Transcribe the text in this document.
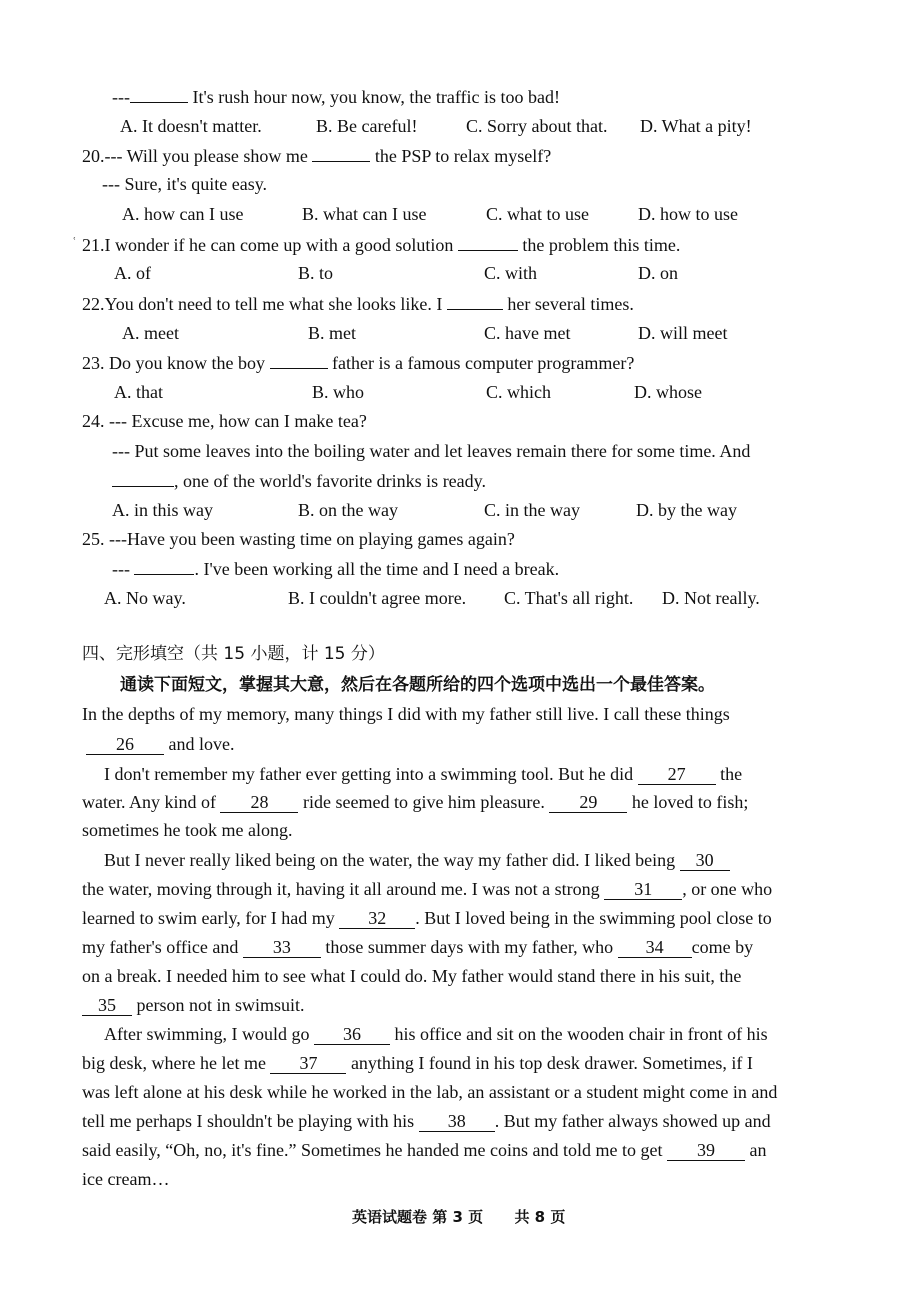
---	It's rush hour now, you know, the traffic is too bad!
A. It doesn't matter.	B. Be careful!	C. Sorry about that. D. What a pity!
20.--- Will you please show me	the PSP to relax myself?
--- Sure, it's quite easy.
A. how can I use	B. what can I use	C. what to use	D. how to use
ʿ 21.I wonder if he can come up with a good solution	the problem this time.
A. of	B. to	C. with	D. on
22.You don't need to tell me what she looks like. I	her several times.
A. meet	B. met	C. have met	D. will meet
23. Do you know the boy	father is a famous computer programmer?
A. that	B. who	C. which	D. whose
24. --- Excuse me, how can I make tea?
--- Put some leaves into the boiling water and let leaves remain there for some time. And
, one of the world's favorite drinks is ready.
A. in this way	B. on the way	C. in the way	D. by the way
25. ---Have you been wasting time on playing games again?
---	. I've been working all the time and I need a break.
A. No way.	B. I couldn't agree more. C. That's all right. D. Not really.
四、完形填空（共 15 小题，计 15 分）
通读下面短文，掌握其大意，然后在各题所给的四个选项中选出一个最佳答案。
In the depths of my memory, many things I did with my father still live. I call these things
26 and love.
I don't remember my father ever getting into a swimming tool. But he did 27 the
water. Any kind of 28 ride seemed to give him pleasure. 29 he loved to fish;
sometimes he took me along.
But I never really liked being on the water, the way my father did. I liked being 30
the water, moving through it, having it all around me. I was not a strong 31 , or one who
learned to swim early, for I had my 32 . But I loved being in the swimming pool close to
my father's office and 33 those summer days with my father, who 34 come by
on a break. I needed him to see what I could do. My father would stand there in his suit, the
35 person not in swimsuit.
After swimming, I would go 36 his office and sit on the wooden chair in front of his
big desk, where he let me 37 anything I found in his top desk drawer. Sometimes, if I
was left alone at his desk while he worked in the lab, an assistant or a student might come in and
tell me perhaps I shouldn't be playing with his 38 . But my father always showed up and
said easily, “Oh, no, it's fine.” Sometimes he handed me coins and told me to get 39 an
ice cream…
英语试题卷 第 3 页 共 8 页
